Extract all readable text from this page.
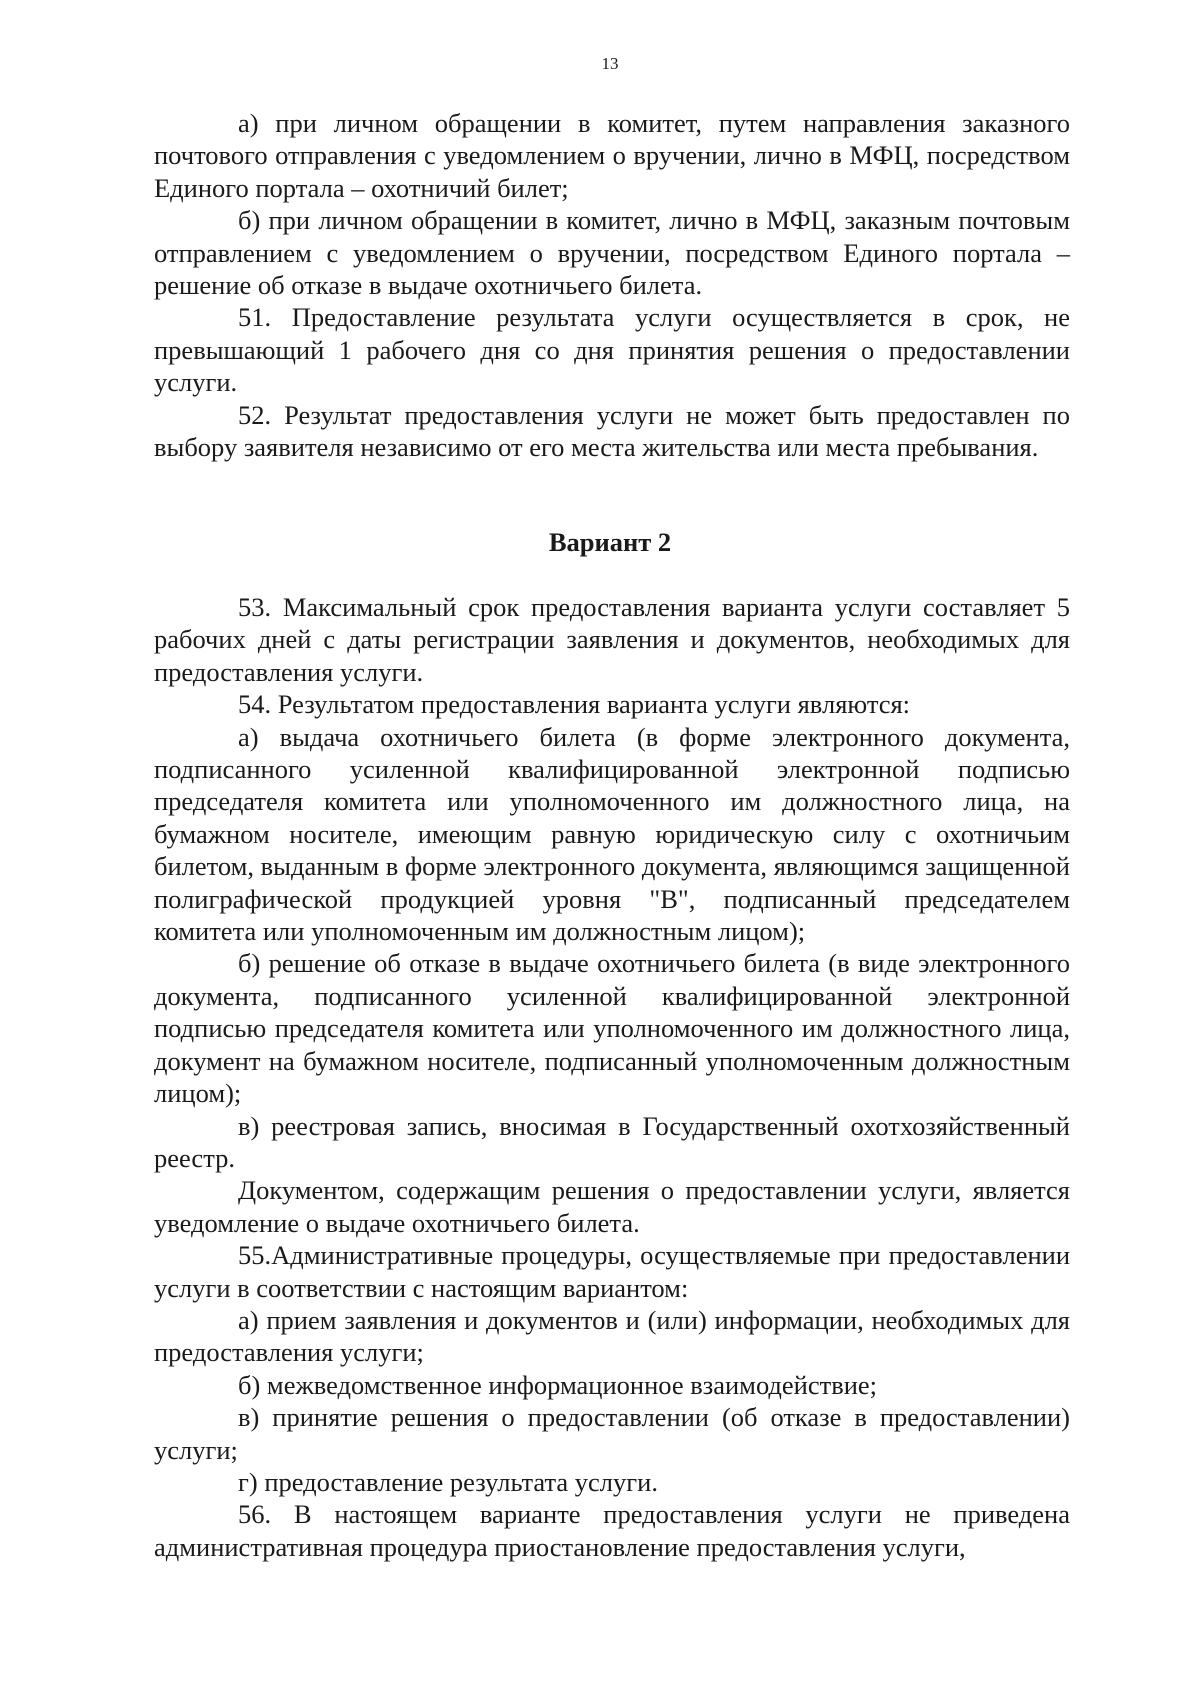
13

а) при личном обращении в комитет, путем направления заказного почтового отправления с уведомлением о вручении, лично в МФЦ, посредством Единого портала – охотничий билет;

б) при личном обращении в комитет, лично в МФЦ, заказным почтовым отправлением с уведомлением о вручении, посредством Единого портала – решение об отказе в выдаче охотничьего билета.

51. Предоставление результата услуги осуществляется в срок, не превышающий 1 рабочего дня со дня принятия решения о предоставлении услуги.

52. Результат предоставления услуги не может быть предоставлен по выбору заявителя независимо от его места жительства или места пребывания.

Вариант 2

53. Максимальный срок предоставления варианта услуги составляет 5 рабочих дней с даты регистрации заявления и документов, необходимых для предоставления услуги.

54. Результатом предоставления варианта услуги являются:

а) выдача охотничьего билета (в форме электронного документа, подписанного усиленной квалифицированной электронной подписью председателя комитета или уполномоченного им должностного лица, на бумажном носителе, имеющим равную юридическую силу с охотничьим билетом, выданным в форме электронного документа, являющимся защищенной полиграфической продукцией уровня "В", подписанный председателем комитета или уполномоченным им должностным лицом);

б) решение об отказе в выдаче охотничьего билета (в виде электронного документа, подписанного усиленной квалифицированной электронной подписью председателя комитета или уполномоченного им должностного лица, документ на бумажном носителе, подписанный уполномоченным должностным лицом);

в) реестровая запись, вносимая в Государственный охотхозяйственный реестр.

Документом, содержащим решения о предоставлении услуги, является уведомление о выдаче охотничьего билета.

55.Административные процедуры, осуществляемые при предоставлении услуги в соответствии с настоящим вариантом:

а) прием заявления и документов и (или) информации, необходимых для предоставления услуги;

б) межведомственное информационное взаимодействие;

в) принятие решения о предоставлении (об отказе в предоставлении) услуги;

г) предоставление результата услуги.

56. В настоящем варианте предоставления услуги не приведена административная процедура приостановление предоставления услуги,
